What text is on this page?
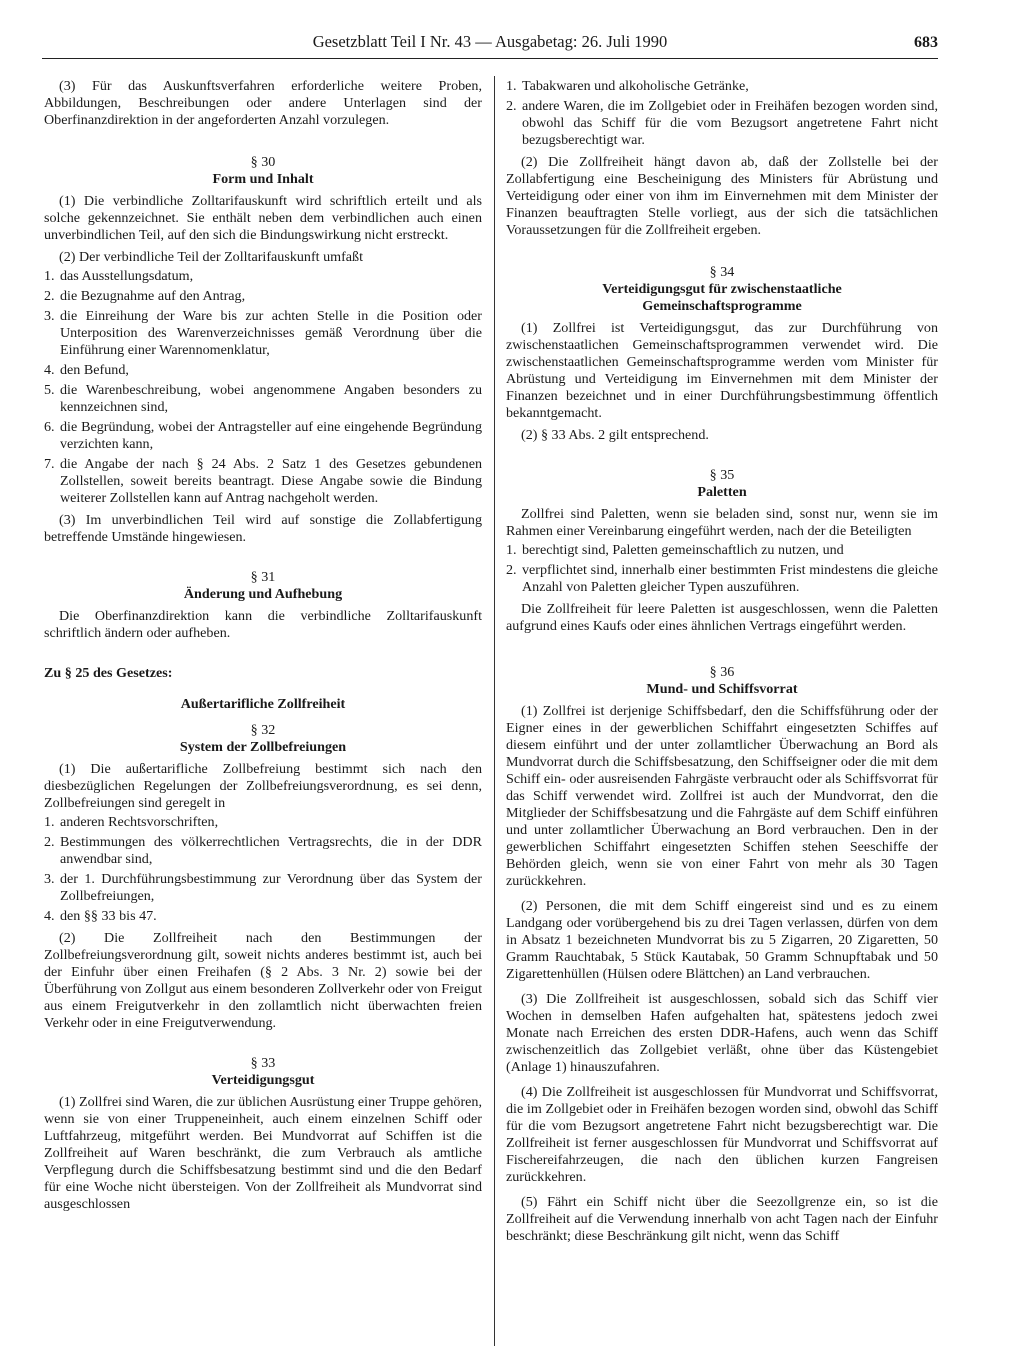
Gesetzblatt Teil I Nr. 43 — Ausgabetag: 26. Juli 1990	683

(3) Für das Auskunftsverfahren erforderliche weitere Proben, Abbildungen, Beschreibungen oder andere Unterlagen sind der Oberfinanzdirektion in der angeforderten Anzahl vorzulegen.

§ 30

Form und Inhalt

(1) Die verbindliche Zolltarifauskunft wird schriftlich erteilt und als solche gekennzeichnet. Sie enthält neben dem verbindlichen auch einen unverbindlichen Teil, auf den sich die Bindungswirkung nicht erstreckt.

(2) Der verbindliche Teil der Zolltarifauskunft umfaßt

1. das Ausstellungsdatum,
2. die Bezugnahme auf den Antrag,
3. die Einreihung der Ware bis zur achten Stelle in die Position oder Unterposition des Warenverzeichnisses gemäß Verordnung über die Einführung einer Warennomenklatur,
4. den Befund,
5. die Warenbeschreibung, wobei angenommene Angaben besonders zu kennzeichnen sind,
6. die Begründung, wobei der Antragsteller auf eine eingehende Begründung verzichten kann,
7. die Angabe der nach § 24 Abs. 2 Satz 1 des Gesetzes gebundenen Zollstellen, soweit bereits beantragt. Diese Angabe sowie die Bindung weiterer Zollstellen kann auf Antrag nachgeholt werden.

(3) Im unverbindlichen Teil wird auf sonstige die Zollabfertigung betreffende Umstände hingewiesen.

§ 31

Änderung und Aufhebung

Die Oberfinanzdirektion kann die verbindliche Zolltarifauskunft schriftlich ändern oder aufheben.

Zu § 25 des Gesetzes:

Außertarifliche Zollfreiheit

§ 32

System der Zollbefreiungen

(1) Die außertarifliche Zollbefreiung bestimmt sich nach den diesbezüglichen Regelungen der Zollbefreiungsverordnung, es sei denn, Zollbefreiungen sind geregelt in

1. anderen Rechtsvorschriften,
2. Bestimmungen des völkerrechtlichen Vertragsrechts, die in der DDR anwendbar sind,
3. der 1. Durchführungsbestimmung zur Verordnung über das System der Zollbefreiungen,
4. den §§ 33 bis 47.

(2) Die Zollfreiheit nach den Bestimmungen der Zollbefreiungsverordnung gilt, soweit nichts anderes bestimmt ist, auch bei der Einfuhr über einen Freihafen (§ 2 Abs. 3 Nr. 2) sowie bei der Überführung von Zollgut aus einem besonderen Zollverkehr oder von Freigut aus einem Freigutverkehr in den zollamtlich nicht überwachten freien Verkehr oder in eine Freigutverwendung.

§ 33

Verteidigungsgut

(1) Zollfrei sind Waren, die zur üblichen Ausrüstung einer Truppe gehören, wenn sie von einer Truppeneinheit, auch einem einzelnen Schiff oder Luftfahrzeug, mitgeführt werden. Bei Mundvorrat auf Schiffen ist die Zollfreiheit auf Waren beschränkt, die zum Verbrauch als amtliche Verpflegung durch die Schiffsbesatzung bestimmt sind und die den Bedarf für eine Woche nicht übersteigen. Von der Zollfreiheit als Mundvorrat sind ausgeschlossen

1. Tabakwaren und alkoholische Getränke,
2. andere Waren, die im Zollgebiet oder in Freihäfen bezogen worden sind, obwohl das Schiff für die vom Bezugsort angetretene Fahrt nicht bezugsberechtigt war.

(2) Die Zollfreiheit hängt davon ab, daß der Zollstelle bei der Zollabfertigung eine Bescheinigung des Ministers für Abrüstung und Verteidigung oder einer von ihm im Einvernehmen mit dem Minister der Finanzen beauftragten Stelle vorliegt, aus der sich die tatsächlichen Voraussetzungen für die Zollfreiheit ergeben.

§ 34

Verteidigungsgut für zwischenstaatliche

Gemeinschaftsprogramme

(1) Zollfrei ist Verteidigungsgut, das zur Durchführung von zwischenstaatlichen Gemeinschaftsprogrammen verwendet wird. Die zwischenstaatlichen Gemeinschaftsprogramme werden vom Minister für Abrüstung und Verteidigung im Einvernehmen mit dem Minister der Finanzen bezeichnet und in einer Durchführungsbestimmung öffentlich bekanntgemacht.

(2) § 33 Abs. 2 gilt entsprechend.

§ 35

Paletten

Zollfrei sind Paletten, wenn sie beladen sind, sonst nur, wenn sie im Rahmen einer Vereinbarung eingeführt werden, nach der die Beteiligten

1. berechtigt sind, Paletten gemeinschaftlich zu nutzen, und
2. verpflichtet sind, innerhalb einer bestimmten Frist mindestens die gleiche Anzahl von Paletten gleicher Typen auszuführen.

Die Zollfreiheit für leere Paletten ist ausgeschlossen, wenn die Paletten aufgrund eines Kaufs oder eines ähnlichen Vertrags eingeführt werden.

§ 36

Mund- und Schiffsvorrat

(1) Zollfrei ist derjenige Schiffsbedarf, den die Schiffsführung oder der Eigner eines in der gewerblichen Schiffahrt eingesetzten Schiffes auf diesem einführt und der unter zollamtlicher Überwachung an Bord als Mundvorrat durch die Schiffsbesatzung, den Schiffseigner oder die mit dem Schiff ein- oder ausreisenden Fahrgäste verbraucht oder als Schiffsvorrat für das Schiff verwendet wird. Zollfrei ist auch der Mundvorrat, den die Mitglieder der Schiffsbesatzung und die Fahrgäste auf dem Schiff einführen und unter zollamtlicher Überwachung an Bord verbrauchen. Den in der gewerblichen Schiffahrt eingesetzten Schiffen stehen Seeschiffe der Behörden gleich, wenn sie von einer Fahrt von mehr als 30 Tagen zurückkehren.

(2) Personen, die mit dem Schiff eingereist sind und es zu einem Landgang oder vorübergehend bis zu drei Tagen verlassen, dürfen von dem in Absatz 1 bezeichneten Mundvorrat bis zu 5 Zigarren, 20 Zigaretten, 50 Gramm Rauchtabak, 5 Stück Kautabak, 50 Gramm Schnupftabak und 50 Zigarettenhüllen (Hülsen odere Blättchen) an Land verbrauchen.

(3) Die Zollfreiheit ist ausgeschlossen, sobald sich das Schiff vier Wochen in demselben Hafen aufgehalten hat, spätestens jedoch zwei Monate nach Erreichen des ersten DDR-Hafens, auch wenn das Schiff zwischenzeitlich das Zollgebiet verläßt, ohne über das Küstengebiet (Anlage 1) hinauszufahren.

(4) Die Zollfreiheit ist ausgeschlossen für Mundvorrat und Schiffsvorrat, die im Zollgebiet oder in Freihäfen bezogen worden sind, obwohl das Schiff für die vom Bezugsort angetretene Fahrt nicht bezugsberechtigt war. Die Zollfreiheit ist ferner ausgeschlossen für Mundvorrat und Schiffsvorrat auf Fischereifahrzeugen, die nach den üblichen kurzen Fangreisen zurückkehren.

(5) Fährt ein Schiff nicht über die Seezollgrenze ein, so ist die Zollfreiheit auf die Verwendung innerhalb von acht Tagen nach der Einfuhr beschränkt; diese Beschränkung gilt nicht, wenn das Schiff
